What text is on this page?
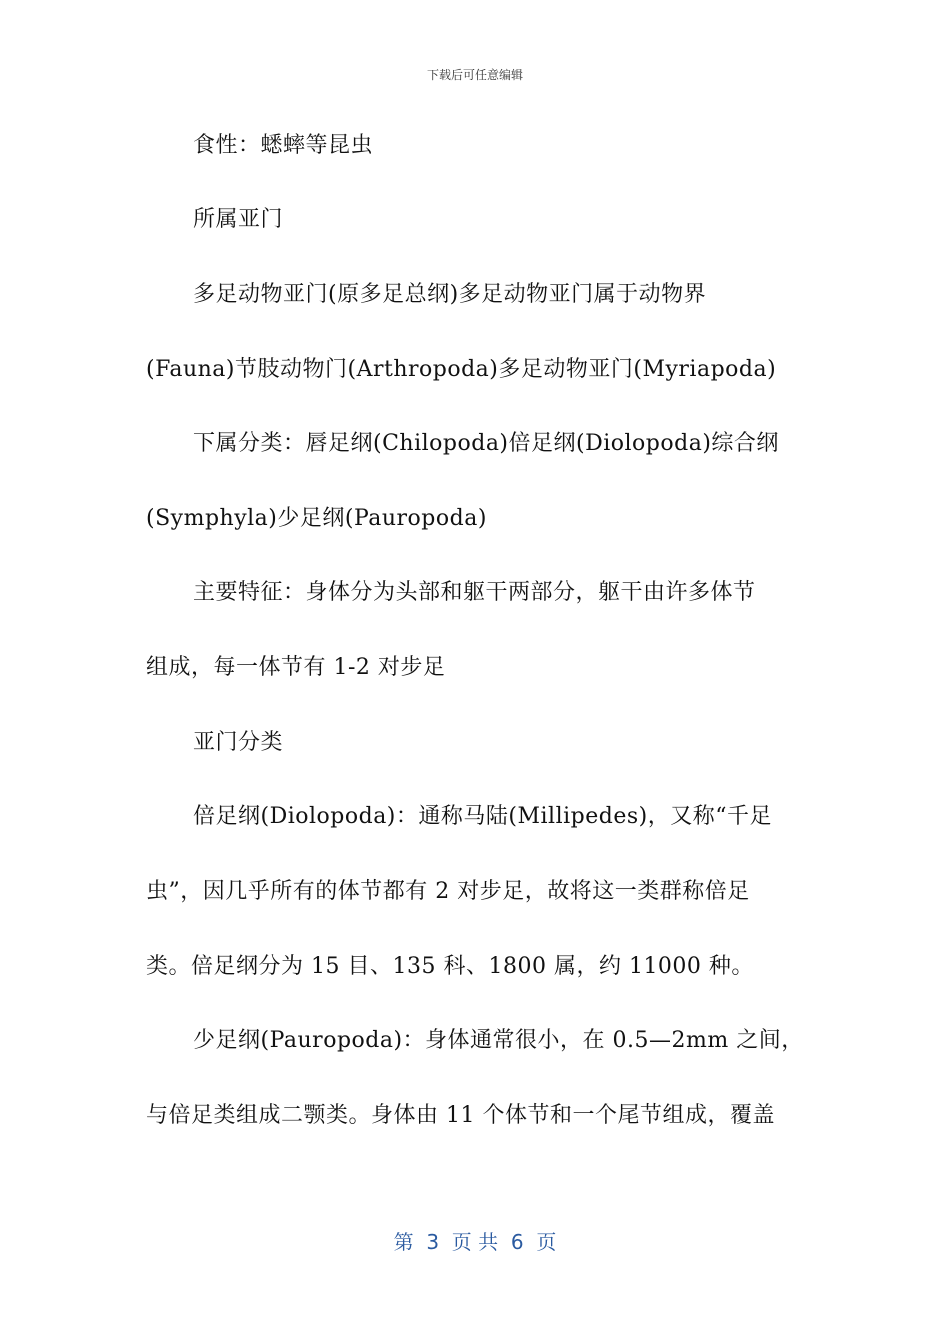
下载后可任意编辑
食性：蟋蟀等昆虫
所属亚门
多足动物亚门(原多足总纲)多足动物亚门属于动物界
(Fauna)节肢动物门(Arthropoda)多足动物亚门(Myriapoda)
下属分类：唇足纲(Chilopoda)倍足纲(Diolopoda)综合纲
(Symphyla)少足纲(Pauropoda)
主要特征：身体分为头部和躯干两部分，躯干由许多体节
组成，每一体节有 1-2 对步足
亚门分类
倍足纲(Diolopoda)：通称马陆(Millipedes)，又称“千足
虫”，因几乎所有的体节都有 2 对步足，故将这一类群称倍足
类。倍足纲分为 15 目、135 科、1800 属，约 11000 种。
少足纲(Pauropoda)：身体通常很小，在 0.5—2mm 之间，
与倍足类组成二颚类。身体由 11 个体节和一个尾节组成，覆盖
第  3  页 共  6  页
